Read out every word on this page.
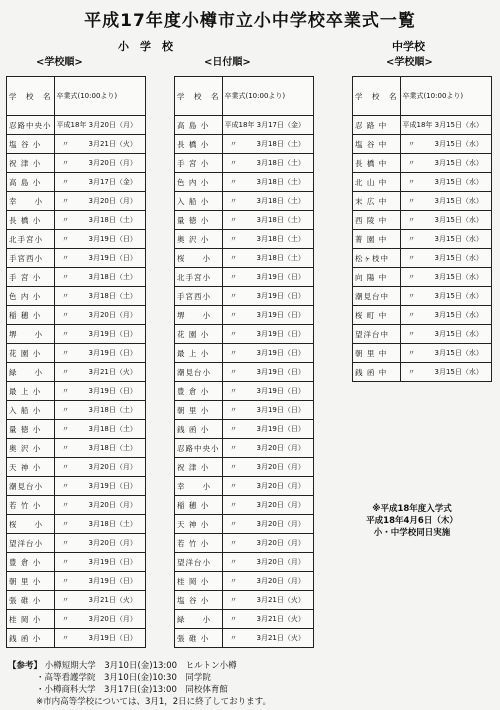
平成17年度小樽市立小中学校卒業式一覧
小　学　校
<学校順>	<日付順>
中学校
<学校順>
学　校　名	卒業式(10:00より)
忍路中央小	平成18年 3月20日（月）
塩 谷 小	〃 3月21日（火）
祝 津 小	〃 3月20日（月）
高 島 小	〃 3月17日（金）
幸　　小	〃 3月20日（月）
長 橋 小	〃 3月18日（土）
北手宮小	〃 3月19日（日）
手宮西小	〃 3月19日（日）
手 宮 小	〃 3月18日（土）
色 内 小	〃 3月18日（土）
稲 穂 小	〃 3月20日（月）
堺　　小	〃 3月19日（日）
花 園 小	〃 3月19日（日）
緑　　小	〃 3月21日（火）
最 上 小	〃 3月19日（日）
入 船 小	〃 3月18日（土）
量 徳 小	〃 3月18日（土）
奥 沢 小	〃 3月18日（土）
天 神 小	〃 3月20日（月）
潮見台小	〃 3月19日（日）
若 竹 小	〃 3月20日（月）
桜　　小	〃 3月18日（土）
望洋台小	〃 3月20日（月）
豊 倉 小	〃 3月19日（日）
朝 里 小	〃 3月19日（日）
張 碓 小	〃 3月21日（火）
桂 岡 小	〃 3月20日（月）
銭 函 小	〃 3月19日（日）
学　校　名	卒業式(10:00より)
高 島 小	平成18年 3月17日（金）
長 橋 小	〃 3月18日（土）
手 宮 小	〃 3月18日（土）
色 内 小	〃 3月18日（土）
入 船 小	〃 3月18日（土）
量 徳 小	〃 3月18日（土）
奥 沢 小	〃 3月18日（土）
桜　　小	〃 3月18日（土）
北手宮小	〃 3月19日（日）
手宮西小	〃 3月19日（日）
堺　　小	〃 3月19日（日）
花 園 小	〃 3月19日（日）
最 上 小	〃 3月19日（日）
潮見台小	〃 3月19日（日）
豊 倉 小	〃 3月19日（日）
朝 里 小	〃 3月19日（日）
銭 函 小	〃 3月19日（日）
忍路中央小	〃 3月20日（月）
祝 津 小	〃 3月20日（月）
幸　　小	〃 3月20日（月）
稲 穂 小	〃 3月20日（月）
天 神 小	〃 3月20日（月）
若 竹 小	〃 3月20日（月）
望洋台小	〃 3月20日（月）
桂 岡 小	〃 3月20日（月）
塩 谷 小	〃 3月21日（火）
緑　　小	〃 3月21日（火）
張 碓 小	〃 3月21日（火）
学　校　名	卒業式(10:00より)
忍 路 中	平成18年 3月15日（水）
塩 谷 中	〃 3月15日（水）
長 橋 中	〃 3月15日（水）
北 山 中	〃 3月15日（水）
末 広 中	〃 3月15日（水）
西 陵 中	〃 3月15日（水）
菁 園 中	〃 3月15日（水）
松ヶ枝中	〃 3月15日（水）
向 陽 中	〃 3月15日（水）
潮見台中	〃 3月15日（水）
桜 町 中	〃 3月15日（水）
望洋台中	〃 3月15日（水）
朝 里 中	〃 3月15日（水）
銭 函 中	〃 3月15日（水）
※平成18年度入学式
平成18年4月6日（木）
小・中学校同日実施
【参考】 小樽短期大学　3月10日(金)13:00　ヒルトン小樽
・高等看護学院　3月10日(金)10:30　同学院
・小樽商科大学　3月17日(金)13:00　同校体育館
※市内高等学校については、3月1，2日に終了しております。
